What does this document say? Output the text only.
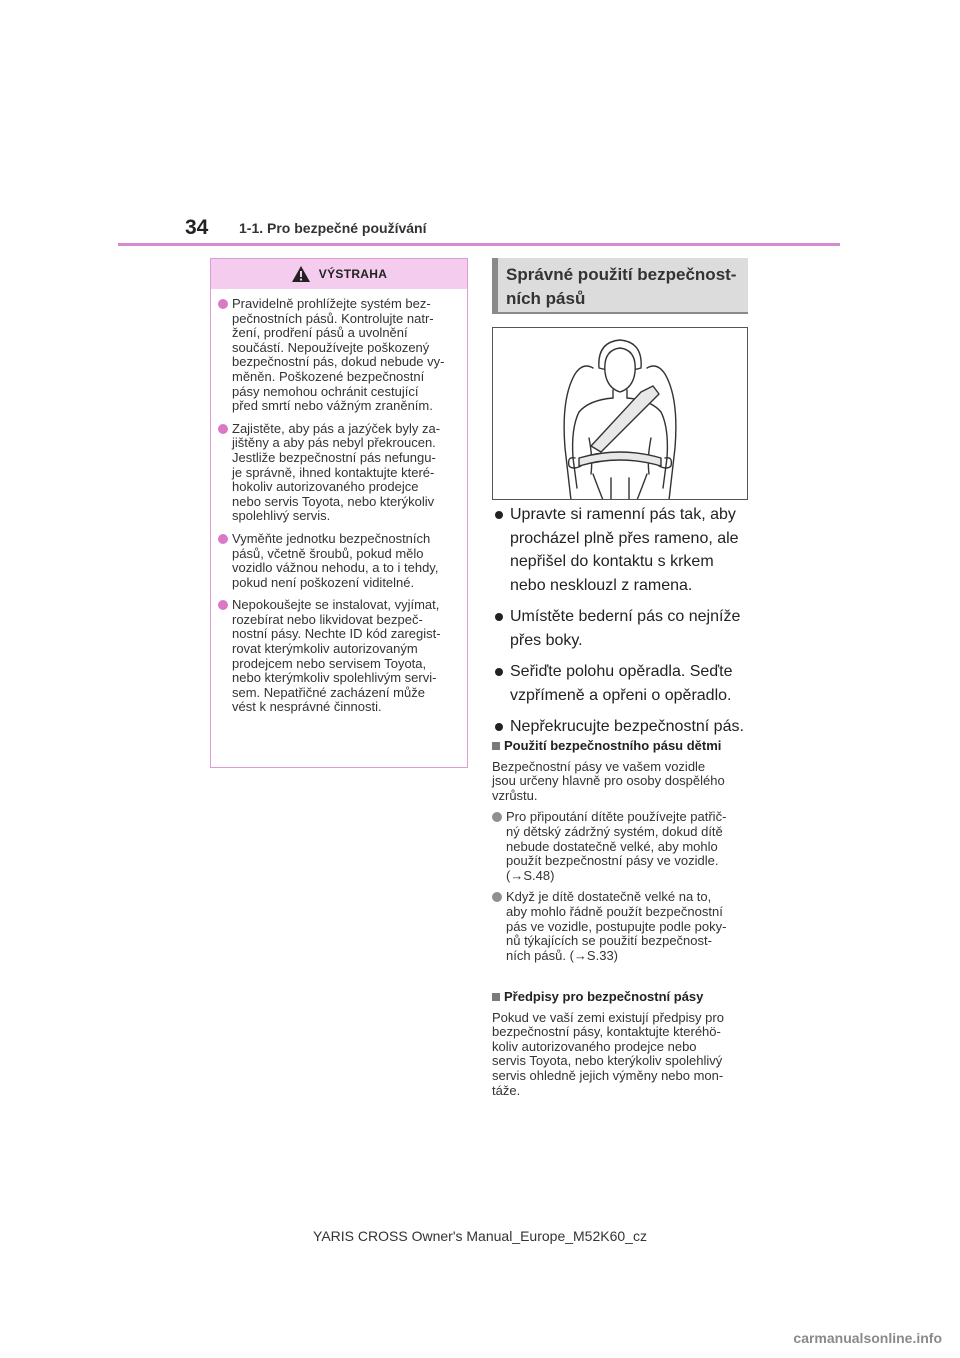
34 1-1. Pro bezpečné používání
VÝSTRAHA
Pravidelně prohlížejte systém bez-
pečnostních pásů. Kontrolujte natr-
žení, prodření pásů a uvolnění
součástí. Nepoužívejte poškozený
bezpečnostní pás, dokud nebude vy-
měněn. Poškozené bezpečnostní
pásy nemohou ochránit cestující
před smrtí nebo vážným zraněním.
Zajistěte, aby pás a jazýček byly za-
jištěny a aby pás nebyl překroucen.
Jestliže bezpečnostní pás nefungu-
je správně, ihned kontaktujte které-
hokoliv autorizovaného prodejce
nebo servis Toyota, nebo kterýkoliv
spolehlivý servis.
Vyměňte jednotku bezpečnostních
pásů, včetně šroubů, pokud mělo
vozidlo vážnou nehodu, a to i tehdy,
pokud není poškození viditelné.
Nepokoušejte se instalovat, vyjímat,
rozebírat nebo likvidovat bezpeč-
nostní pásy. Nechte ID kód zaregist-
rovat kterýmkoliv autorizovaným
prodejcem nebo servisem Toyota,
nebo kterýmkoliv spolehlivým servi-
sem. Nepatřičné zacházení může
vést k nesprávné činnosti.
Správné použití bezpečnost-
ních pásů
Upravte si ramenní pás tak, aby
procházel plně přes rameno, ale
nepřišel do kontaktu s krkem
nebo nesklouzl z ramena.
Umístěte bederní pás co nejníže
přes boky.
Seřiďte polohu opěradla. Seďte
vzpřímeně a opřeni o opěradlo.
Nepřekrucujte bezpečnostní pás.
Použití bezpečnostního pásu dětmi
Bezpečnostní pásy ve vašem vozidle
jsou určeny hlavně pro osoby dospělého
vzrůstu.
Pro připoutání dítěte používejte patřič-
ný dětský zádržný systém, dokud dítě
nebude dostatečně velké, aby mohlo
použít bezpečnostní pásy ve vozidle.
(→S.48)
Když je dítě dostatečně velké na to,
aby mohlo řádně použít bezpečnostní
pás ve vozidle, postupujte podle poky-
nů týkajících se použití bezpečnost-
ních pásů. (→S.33)
Předpisy pro bezpečnostní pásy
Pokud ve vaší zemi existují předpisy pro
bezpečnostní pásy, kontaktujte kteréhö-
koliv autorizovaného prodejce nebo
servis Toyota, nebo kterýkoliv spolehlivý
servis ohledně jejich výměny nebo mon-
táže.
YARIS CROSS Owner's Manual_Europe_M52K60_cz
carmanualsonline.info
